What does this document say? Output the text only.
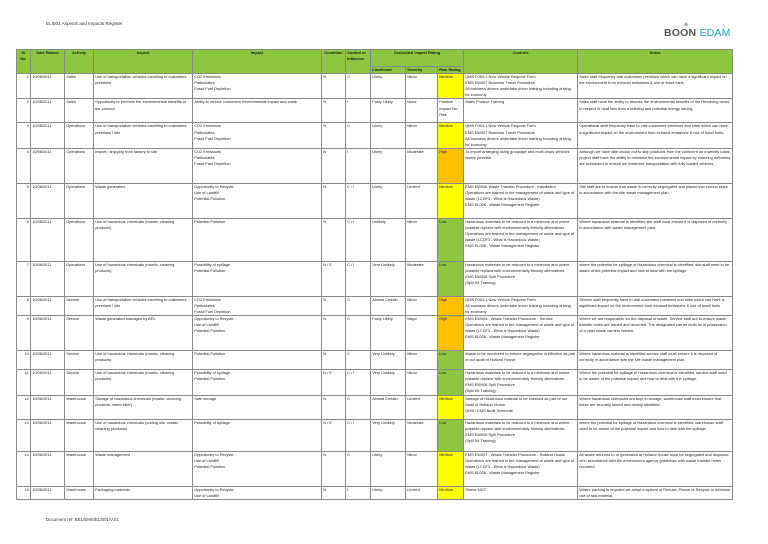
ELI001 Aspects and Impacts Register	❋
BOON EDAM
ID No.	Date Raised	Activity	Aspect	Impact	Condition	Control or Influence	Controlled Impact Rating			Controls	Notes
							Likelihood	Severity	Risk Rating		
1	10/08/2011	Sales	Use of transportation vehicles travelling to customers premises	CO2 Emissions
Particulates
Fossil Fuel Depletion	N	C	Likely	Minor	Medium	QMS F063-1 New Vehicle Request Form
EMS EW007 Business Travel Procedure
All business drivers undertake driver training including driving for economy	Sales staff frequently visit customers premises which can have a significant impact on the environment from exhaust emissions & use of fossil fuels
2	10/08/2011	Sales	Opportunity to promote the environmental benefits of the product	Ability to reduce customers environmental impact and costs	N	I	Fairly Likely	None	Positive Impact No Risk	Sales Product Training	Sales staff have the ability to discuss the environmental benefits of the Revolving doors in respect of heat loss from a building and potential energy saving.
3	10/08/2011	Operations	Use of transportation vehicles travelling to customers premises / site	CO2 Emissions
Particulates
Fossil Fuel Depletion	N	C	Likely	Minor	Medium	QMS F063-1 New Vehicle Request Form
EMS EW007 Business Travel Procedure
All business drivers undertake driver training including driving for economy	Operational staff frequently have to visit customers premises and sites which can have a significant impact on the environment from exhaust emissions & use of fossil fuels.
4	10/08/2011	Operations	Import / shipping from factory to site	CO2 Emissions
Particulates
Fossil Fuel Depletion
	N	I	Likely	Moderate	High	To import arranging using groupage and multi drops vehicles where possible.
	Although we have little choice but to ship products from the continent on a weekly basis, project staff have the ability to minimise the environmental impact by ensuring deliveries are scheduled to ensure we maximise transportation with fully loaded vehicles.
5	10/08/2011	Operations	Waste generated.	Opportunity to Recycle
Use of Landfill
Potential Pollution	N	C / I	Likely	Limited	Medium	EMS EW008 Waste Transfer Procedure - Installation
Operations are trained in the management of waste and type of waste (LCDF3 - What is Hazardous Waste)
EMS EL008 - Waste Management Register	Site staff are to ensure that waste is correctly segregated and placed into correct skips in accordance with the site waste management plan.
6	10/08/2011	Operations	Use of hazardous chemicals (mastic, cleaning products)	Potential Pollution	N	C / I	Unlikely	Minor	Low	Hazardous materials to be reduced to a minimum and where possible replace with environmentally friendly alternatives.
Operations are trained in the management of waste and type of waste (LCDF3 - What is Hazardous Waste)
EMS EL008 - Waste Management Register	Where hazardous material is identified site staff must ensure it is disposed of correctly in accordance with waste management plan.
7	10/08/2011	Operations	Use of hazardous chemicals (mastic, cleaning products)	Possibility of spillage
Potential Pollution	N / E	C / I	Very Unlikely	Moderate	Low	Hazardous materials to be reduced to a minimum and where possible replace with environmentally friendly alternatives.
EMS EW008 Spill Procedure
(Spill Kit Training)	where the potential for spillage of Hazardous chemical is identified, site staff need to be aware of the potential impact and how to deal with the spillage.
8	10/08/2011	Service	Use of transportation vehicles travelling to customers premises / site	CO2 Emissions
Particulates
Fossil Fuel Depletion	N	C	Almost Certain	Minor	High	QMS F063-1 New Vehicle Request Form
All business drivers undertake driver training including driving for economy	Service staff frequently have to visit customers premises and sites which can have a significant impact on the environment from exhaust emissions & use of fossil fuels
9	10/08/2011	Service	Waste generated managed by BEL	Opportunity to Recycle
Use of Landfill
Potential Pollution
	N	C	Fairly Likely	Major	High	EMS EW006 - Waste Transfer Procedure - Service
Operations are trained in the management of waste and type of waste (LCDF3 - What is Hazardous Waste)
EMS EL008 - Waste Management Register
	Where we are responsible for the disposal of waste, Service staff are to ensure waste transfer notes are issued and recorded. The designated carrier must be in possession of a valid waste carriers licence.
10	10/08/2011	Service	Use of hazardous chemicals (mastic, cleaning products)	Potential Pollution	N	C	Very Unlikely	Minor	Low	Waste to be monitored to ensure segregation is effective as part of out audit of Holland House.	Where hazardous material is identified service staff must ensure it is disposed of correctly in accordance with the site waste management plan.
11	10/08/2011	Service	Use of hazardous chemicals (mastic, cleaning products)	Possibility of spillage
Potential Pollution	N / E	C / I	Very Unlikely	Minor	Low	Hazardous materials to be reduced to a minimum and where possible replace with environmentally friendly alternatives.
EMS EW008 Spill Procedure
(Spill Kit Training)	Where the potential for spillage of Hazardous chemical is identified, service staff need to be aware of the potential impact and how to deal with the spillage.
12	10/08/2011	Warehouse	Storage of hazardous chemicals (mastic, cleaning products, weed killer)	Safe storage	N	C	Almost Certain	Limited	Medium	Storage of Hazardous material to be checked as part of our Audit of Holland House
QMS / EMS Audit Schedule	Where hazardous chemicals are kept in storage, warehouse staff must ensure that these are securely stored and clearly identified.
13	10/08/2011	Warehouse	Use of hazardous chemicals (cutting oils, mastic, cleaning products)	Possibility of spillage	N / E	C / I	Very Unlikely	Moderate	Low	Hazardous materials to be reduced to a minimum and where possible replace with environmentally friendly alternatives.
EMS EW008 Spill Procedure
(Spill Kit Training)	where the potential for spillage of Hazardous chemical is identified, warehouse staff need to be aware of the potential impact and how to deal with the spillage.
14	10/08/2011	Warehouse	Waste management	Opportunity to Recycle
Use of Landfill
Potential Pollution	N	C	Likely	Minor	Medium	EMS EW007 - Waste Transfer Procedure - Holland House
Operations are trained in the management of waste and type of waste (LCDF3 - What is Hazardous Waste)
EMS EL008 - Waste Management Register	All waste returned to or generated at Holland House must be segregated and disposed of in accordance with the environment agency guidelines with waste transfer notes recorded.
15	10/08/2011	Warehouse	Packaging materials	Opportunity to Recycle
Use of Landfill	N	I	Likely	Limited	Medium	Stores MGT	Where packing is required we adopt a system of Reduce, Reuse or Recycle to minimise use of raw material.
Document ref: BEL/EMS/ELI001/V.01
